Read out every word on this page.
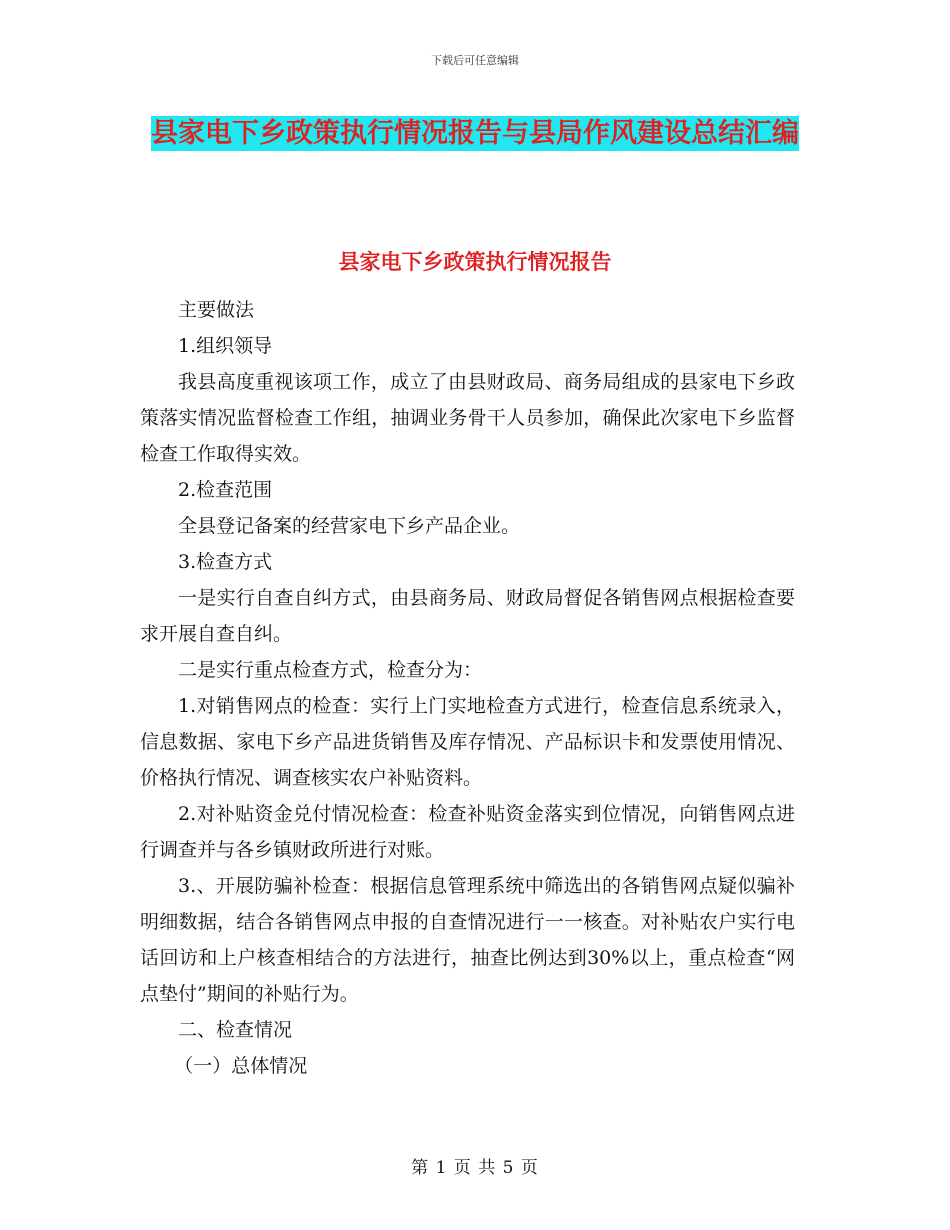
下载后可任意编辑
县家电下乡政策执行情况报告与县局作风建设总结汇编
县家电下乡政策执行情况报告

主要做法

1.组织领导

我县高度重视该项工作，成立了由县财政局、商务局组成的县家电下乡政策落实情况监督检查工作组，抽调业务骨干人员参加，确保此次家电下乡监督检查工作取得实效。

2.检查范围

全县登记备案的经营家电下乡产品企业。

3.检查方式

一是实行自查自纠方式，由县商务局、财政局督促各销售网点根据检查要求开展自查自纠。

二是实行重点检查方式，检查分为：

1.对销售网点的检查：实行上门实地检查方式进行，检查信息系统录入，信息数据、家电下乡产品进货销售及库存情况、产品标识卡和发票使用情况、价格执行情况、调查核实农户补贴资料。

2.对补贴资金兑付情况检查：检查补贴资金落实到位情况，向销售网点进行调查并与各乡镇财政所进行对账。

3.、开展防骗补检查：根据信息管理系统中筛选出的各销售网点疑似骗补明细数据，结合各销售网点申报的自查情况进行一一核查。对补贴农户实行电话回访和上户核查相结合的方法进行，抽查比例达到30%以上，重点检查“网点垫付”期间的补贴行为。

二、检查情况

（一）总体情况

第 1 页 共 5 页
